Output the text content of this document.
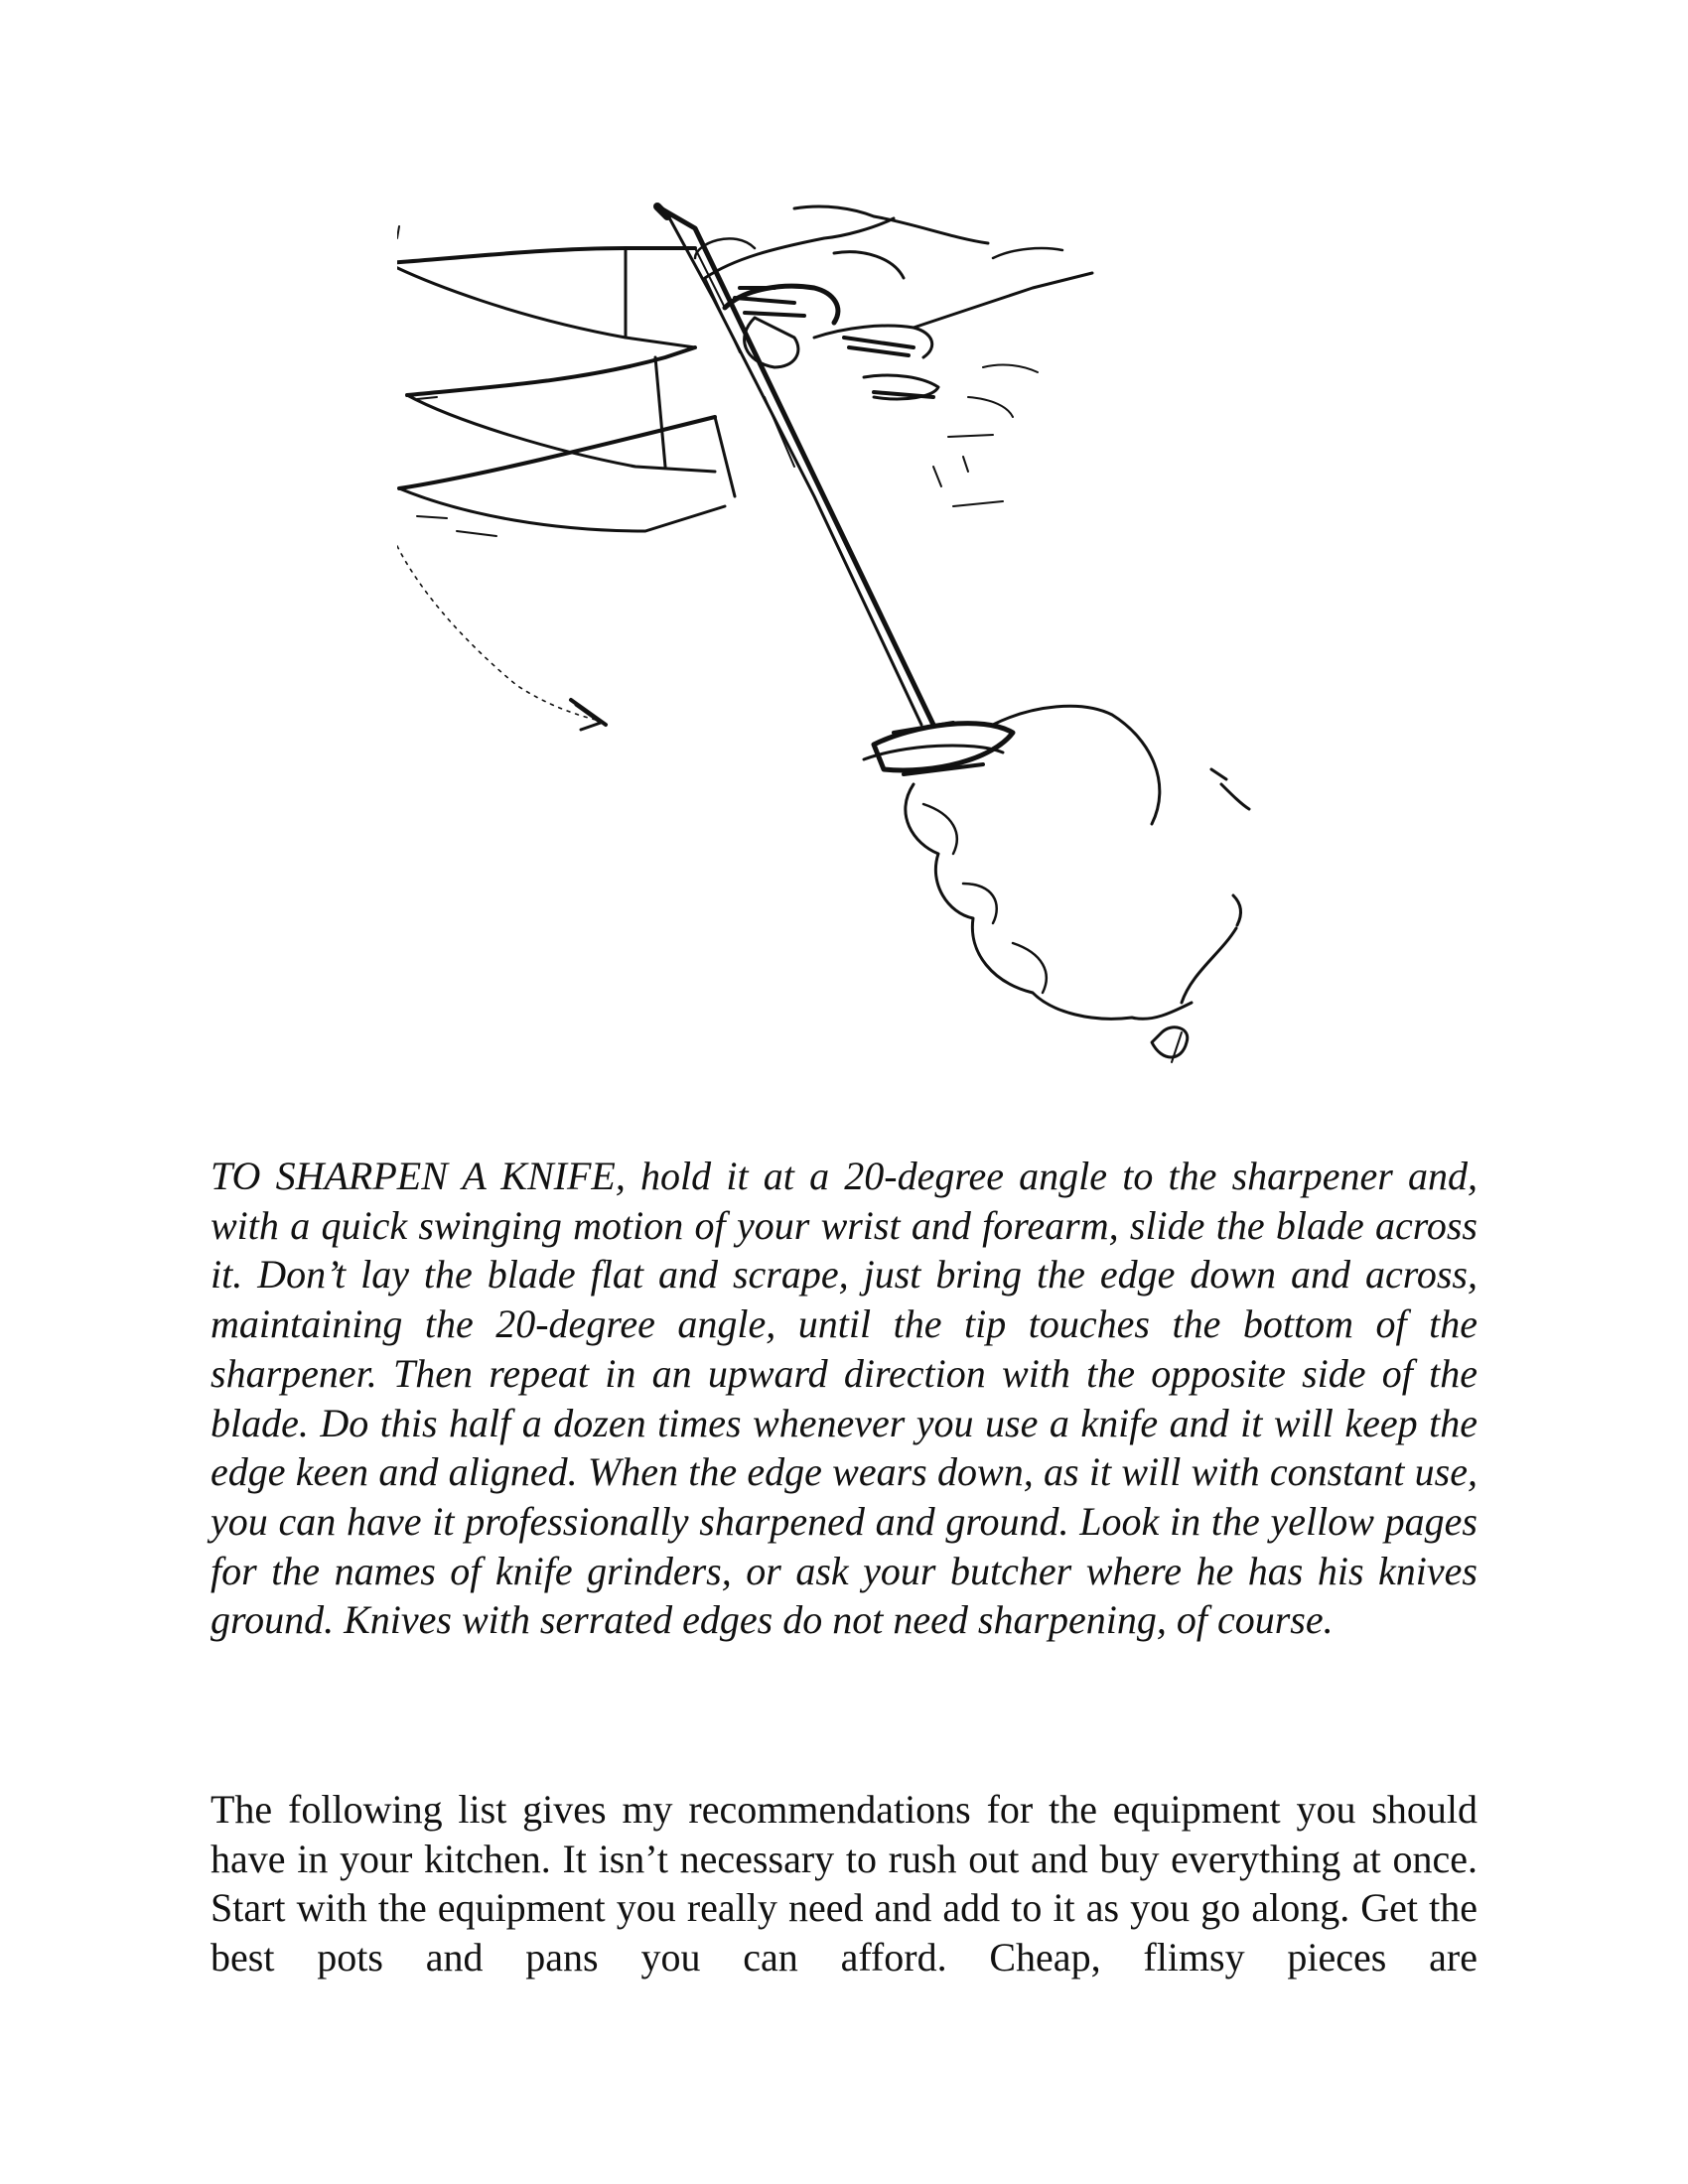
TO SHARPEN A KNIFE, hold it at a 20-degree angle to the sharpener and, with a quick swinging motion of your wrist and forearm, slide the blade across it. Don’t lay the blade flat and scrape, just bring the edge down and across, maintaining the 20-degree angle, until the tip touches the bottom of the sharpener. Then repeat in an upward direction with the opposite side of the blade. Do this half a dozen times whenever you use a knife and it will keep the edge keen and aligned. When the edge wears down, as it will with constant use, you can have it professionally sharpened and ground. Look in the yellow pages for the names of knife grinders, or ask your butcher where he has his knives ground. Knives with serrated edges do not need sharpening, of course.

The following list gives my recommendations for the equipment you should have in your kitchen. It isn’t necessary to rush out and buy everything at once. Start with the equipment you really need and add to it as you go along. Get the best pots and pans you can afford. Cheap, flimsy pieces are
